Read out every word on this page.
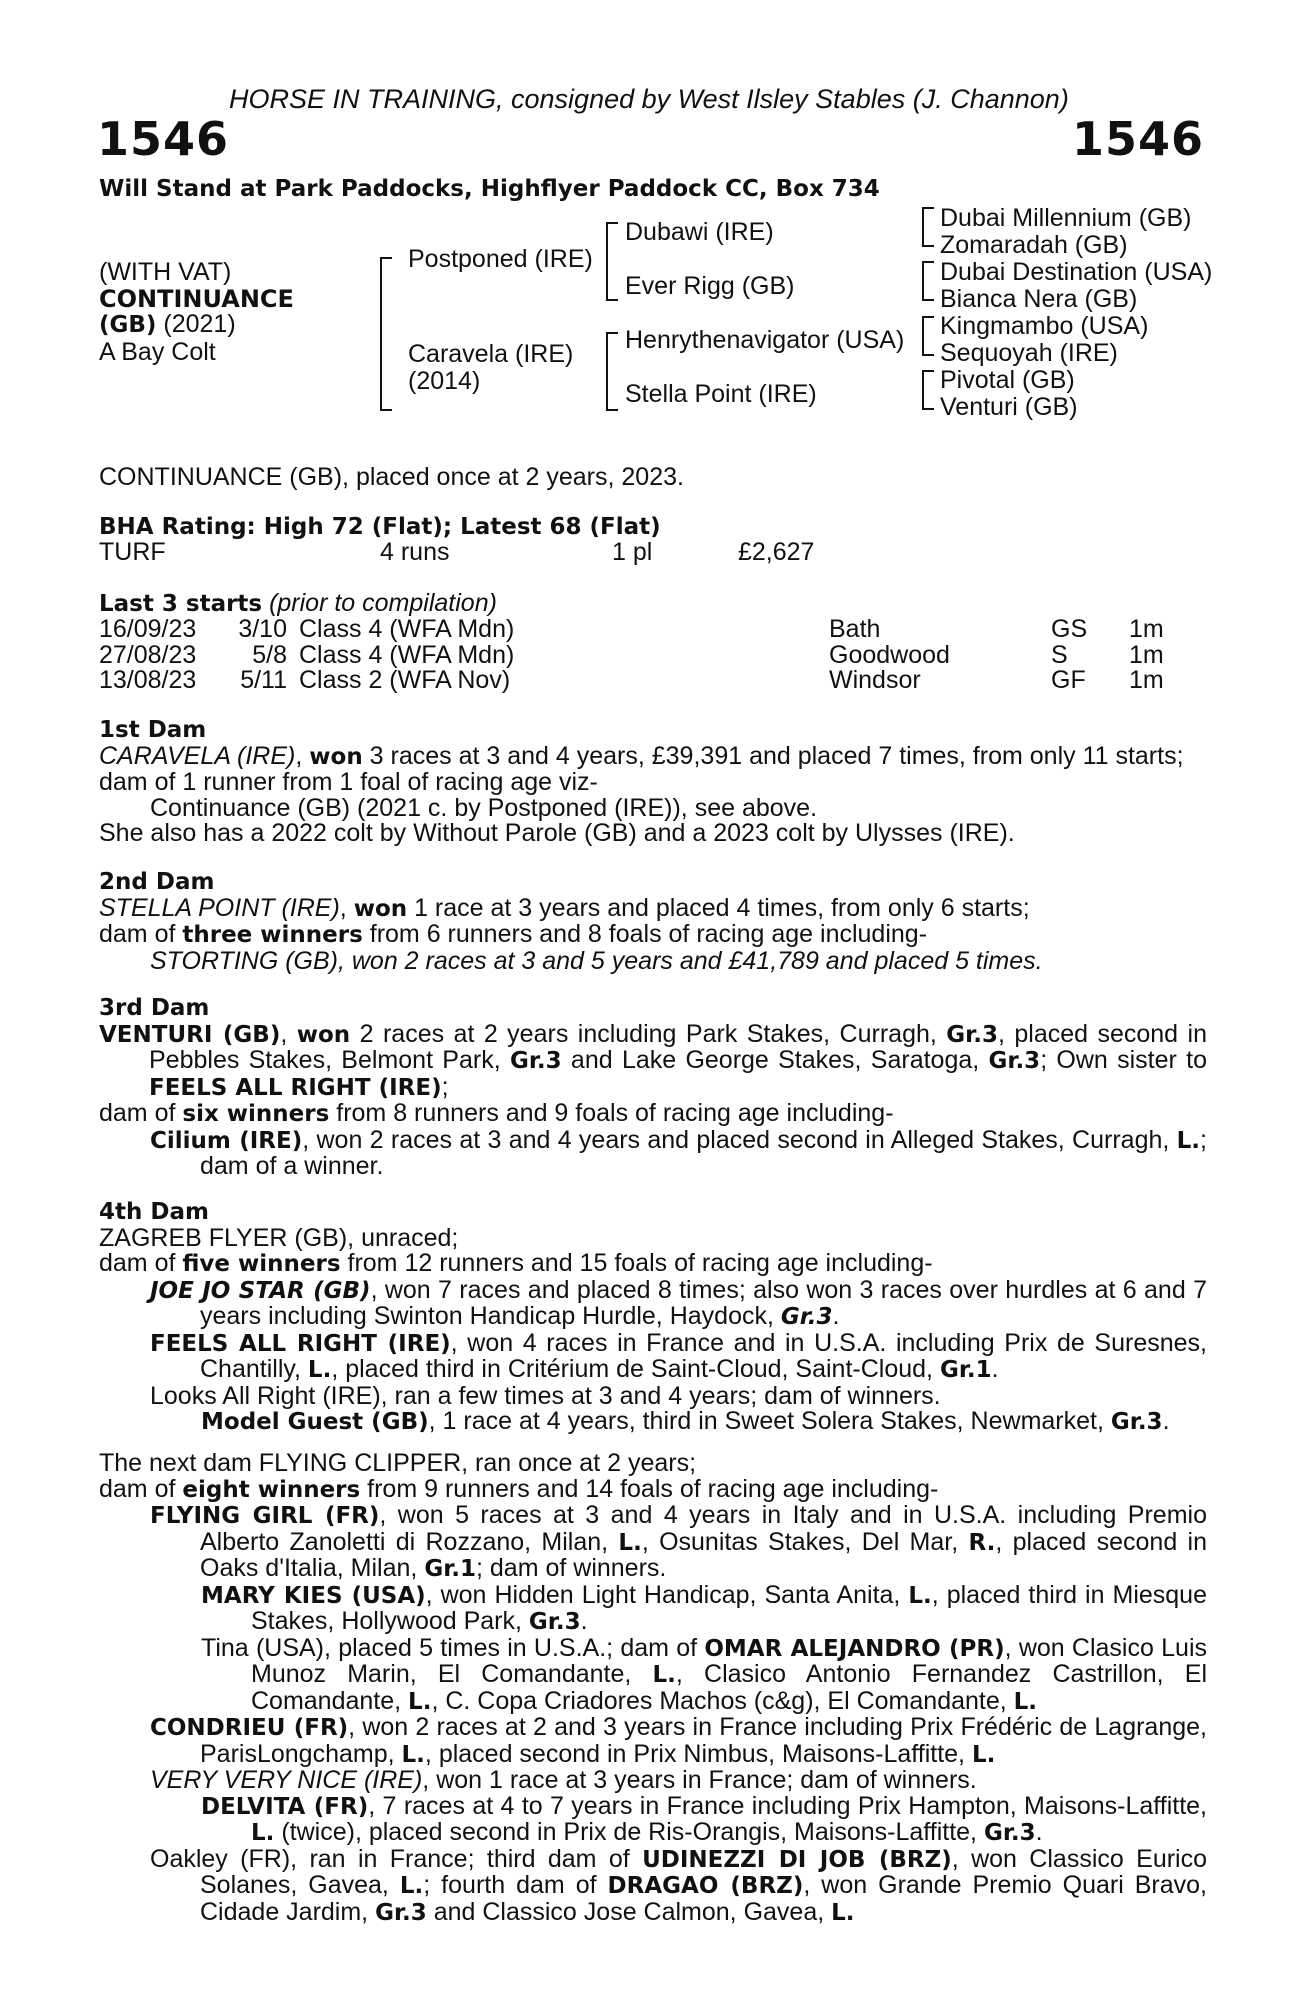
HORSE IN TRAINING, consigned by West Ilsley Stables (J. Channon)
1546	1546
Will Stand at Park Paddocks, Highflyer Paddock CC, Box 734
(WITH VAT)
CONTINUANCE
(GB) (2021)
A Bay Colt
Postponed (IRE)
Caravela (IRE)
(2014)
Dubawi (IRE)
Ever Rigg (GB)
Henrythenavigator (USA)
Stella Point (IRE)
Dubai Millennium (GB)
Zomaradah (GB)
Dubai Destination (USA)
Bianca Nera (GB)
Kingmambo (USA)
Sequoyah (IRE)
Pivotal (GB)
Venturi (GB)
CONTINUANCE (GB), placed once at 2 years, 2023.
BHA Rating: High 72 (Flat); Latest 68 (Flat)
TURF	4 runs	1 pl	£2,627
Last 3 starts (prior to compilation)
16/09/23	3/10	Class 4 (WFA Mdn)	Bath	GS	1m
27/08/23	5/8	Class 4 (WFA Mdn)	Goodwood	S	1m
13/08/23	5/11	Class 2 (WFA Nov)	Windsor	GF	1m

1st Dam

CARAVELA (IRE), won 3 races at 3 and 4 years, £39,391 and placed 7 times, from only 11 starts;

dam of 1 runner from 1 foal of racing age viz-

Continuance (GB) (2021 c. by Postponed (IRE)), see above.

She also has a 2022 colt by Without Parole (GB) and a 2023 colt by Ulysses (IRE).

2nd Dam

STELLA POINT (IRE), won 1 race at 3 years and placed 4 times, from only 6 starts;

dam of three winners from 6 runners and 8 foals of racing age including-

STORTING (GB), won 2 races at 3 and 5 years and £41,789 and placed 5 times.

3rd Dam

VENTURI (GB), won 2 races at 2 years including Park Stakes, Curragh, Gr.3, placed second in Pebbles Stakes, Belmont Park, Gr.3 and Lake George Stakes, Saratoga, Gr.3; Own sister to FEELS ALL RIGHT (IRE);

dam of six winners from 8 runners and 9 foals of racing age including-

Cilium (IRE), won 2 races at 3 and 4 years and placed second in Alleged Stakes, Curragh, L.; dam of a winner.

4th Dam

ZAGREB FLYER (GB), unraced;

dam of five winners from 12 runners and 15 foals of racing age including-

JOE JO STAR (GB), won 7 races and placed 8 times; also won 3 races over hurdles at 6 and 7 years including Swinton Handicap Hurdle, Haydock, Gr.3.

FEELS ALL RIGHT (IRE), won 4 races in France and in U.S.A. including Prix de Suresnes, Chantilly, L., placed third in Critérium de Saint-Cloud, Saint-Cloud, Gr.1.

Looks All Right (IRE), ran a few times at 3 and 4 years; dam of winners.

Model Guest (GB), 1 race at 4 years, third in Sweet Solera Stakes, Newmarket, Gr.3.

The next dam FLYING CLIPPER, ran once at 2 years;

dam of eight winners from 9 runners and 14 foals of racing age including-

FLYING GIRL (FR), won 5 races at 3 and 4 years in Italy and in U.S.A. including Premio Alberto Zanoletti di Rozzano, Milan, L., Osunitas Stakes, Del Mar, R., placed second in Oaks d'Italia, Milan, Gr.1; dam of winners.

MARY KIES (USA), won Hidden Light Handicap, Santa Anita, L., placed third in Miesque Stakes, Hollywood Park, Gr.3.

Tina (USA), placed 5 times in U.S.A.; dam of OMAR ALEJANDRO (PR), won Clasico Luis Munoz Marin, El Comandante, L., Clasico Antonio Fernandez Castrillon, El Comandante, L., C. Copa Criadores Machos (c&g), El Comandante, L.

CONDRIEU (FR), won 2 races at 2 and 3 years in France including Prix Frédéric de Lagrange, ParisLongchamp, L., placed second in Prix Nimbus, Maisons-Laffitte, L.

VERY VERY NICE (IRE), won 1 race at 3 years in France; dam of winners.

DELVITA (FR), 7 races at 4 to 7 years in France including Prix Hampton, Maisons-Laffitte, L. (twice), placed second in Prix de Ris-Orangis, Maisons-Laffitte, Gr.3.

Oakley (FR), ran in France; third dam of UDINEZZI DI JOB (BRZ), won Classico Eurico Solanes, Gavea, L.; fourth dam of DRAGAO (BRZ), won Grande Premio Quari Bravo, Cidade Jardim, Gr.3 and Classico Jose Calmon, Gavea, L.
